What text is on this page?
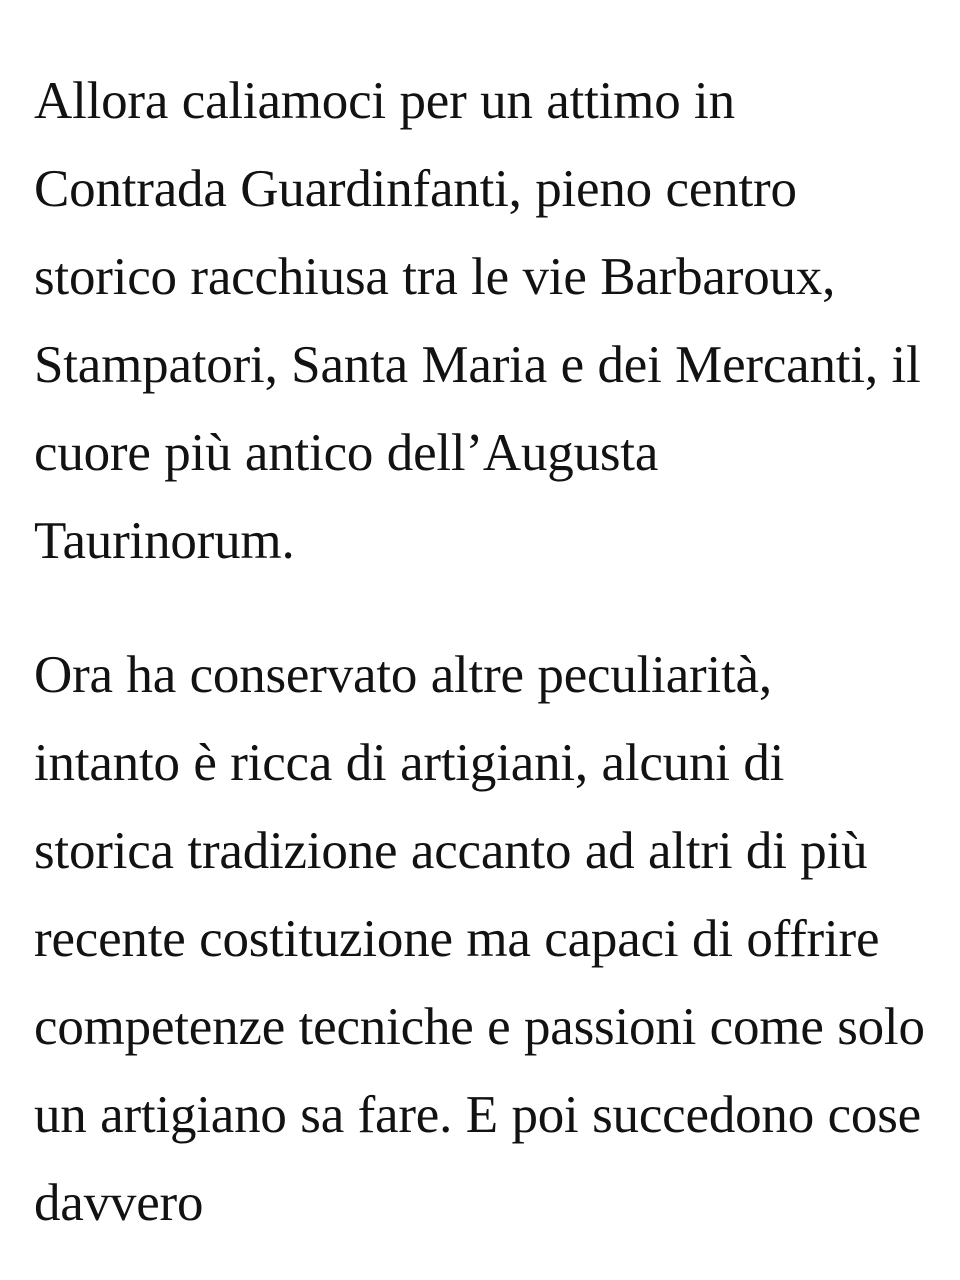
Allora caliamoci per un attimo in Contrada Guardinfanti, pieno centro storico racchiusa tra le vie Barbaroux, Stampatori, Santa Maria e dei Mercanti, il cuore più antico dell’Augusta Taurinorum.

Ora ha conservato altre peculiarità, intanto è ricca di artigiani, alcuni di storica tradizione accanto ad altri di più recente costituzione ma capaci di offrire competenze tecniche e passioni come solo un artigiano sa fare. E poi succedono cose davvero
